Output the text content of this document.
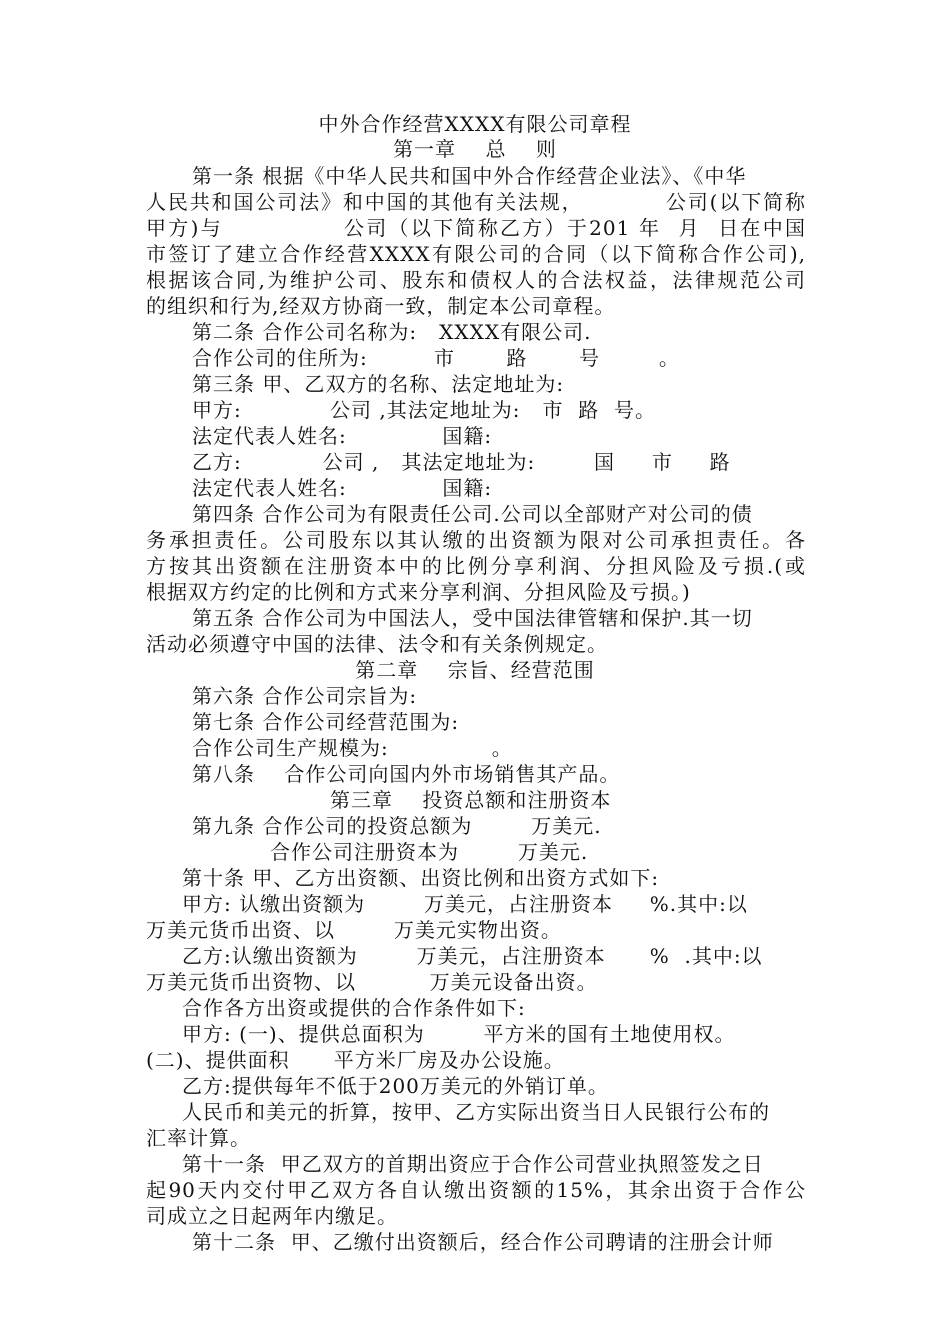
中外合作经营XXXX有限公司章程
第一章    总    则
第一条 根据《中华人民共和国中外合作经营企业法》、《中华
人民共和国公司法》和中国的其他有关法规，          公司(以下简称
甲方)与              公司（以下简称乙方）于201 年  月  日在中国
市签订了建立合作经营XXXX有限公司的合同（以下简称合作公司),
根据该合同,为维护公司、股东和债权人的合法权益，法律规范公司
的组织和行为,经双方协商一致，制定本公司章程。
第二条 合作公司名称为:   XXXX有限公司.
合作公司的住所为:         市       路       号        。
第三条 甲、乙双方的名称、法定地址为:
甲方:            公司 ,其法定地址为:   市  路  号。
法定代表人姓名:             国籍:
乙方:           公司 ,   其法定地址为:        国     市     路
法定代表人姓名:             国籍:
第四条 合作公司为有限责任公司.公司以全部财产对公司的债
务承担责任。公司股东以其认缴的出资额为限对公司承担责任。各
方按其出资额在注册资本中的比例分享利润、分担风险及亏损.(或
根据双方约定的比例和方式来分享利润、分担风险及亏损。)
第五条 合作公司为中国法人，受中国法律管辖和保护.其一切
活动必须遵守中国的法律、法令和有关条例规定。
第二章    宗旨、经营范围
第六条 合作公司宗旨为:
第七条 合作公司经营范围为:
合作公司生产规模为:              。
第八条    合作公司向国内外市场销售其产品。
第三章    投资总额和注册资本
第九条 合作公司的投资总额为        万美元.
合作公司注册资本为        万美元.
第十条 甲、乙方出资额、出资比例和出资方式如下:
甲方: 认缴出资额为        万美元，占注册资本     %.其中:以
万美元货币出资、以        万美元实物出资。
乙方:认缴出资额为        万美元，占注册资本      %  .其中:以
万美元货币出资物、以          万美元设备出资。
合作各方出资或提供的合作条件如下:
甲方: (一)、提供总面积为        平方米的国有土地使用权。
(二)、提供面积      平方米厂房及办公设施。
乙方:提供每年不低于200万美元的外销订单。
人民币和美元的折算，按甲、乙方实际出资当日人民银行公布的
汇率计算。
第十一条  甲乙双方的首期出资应于合作公司营业执照签发之日
起90天内交付甲乙双方各自认缴出资额的15%，其余出资于合作公
司成立之日起两年内缴足。
第十二条  甲、乙缴付出资额后，经合作公司聘请的注册会计师
